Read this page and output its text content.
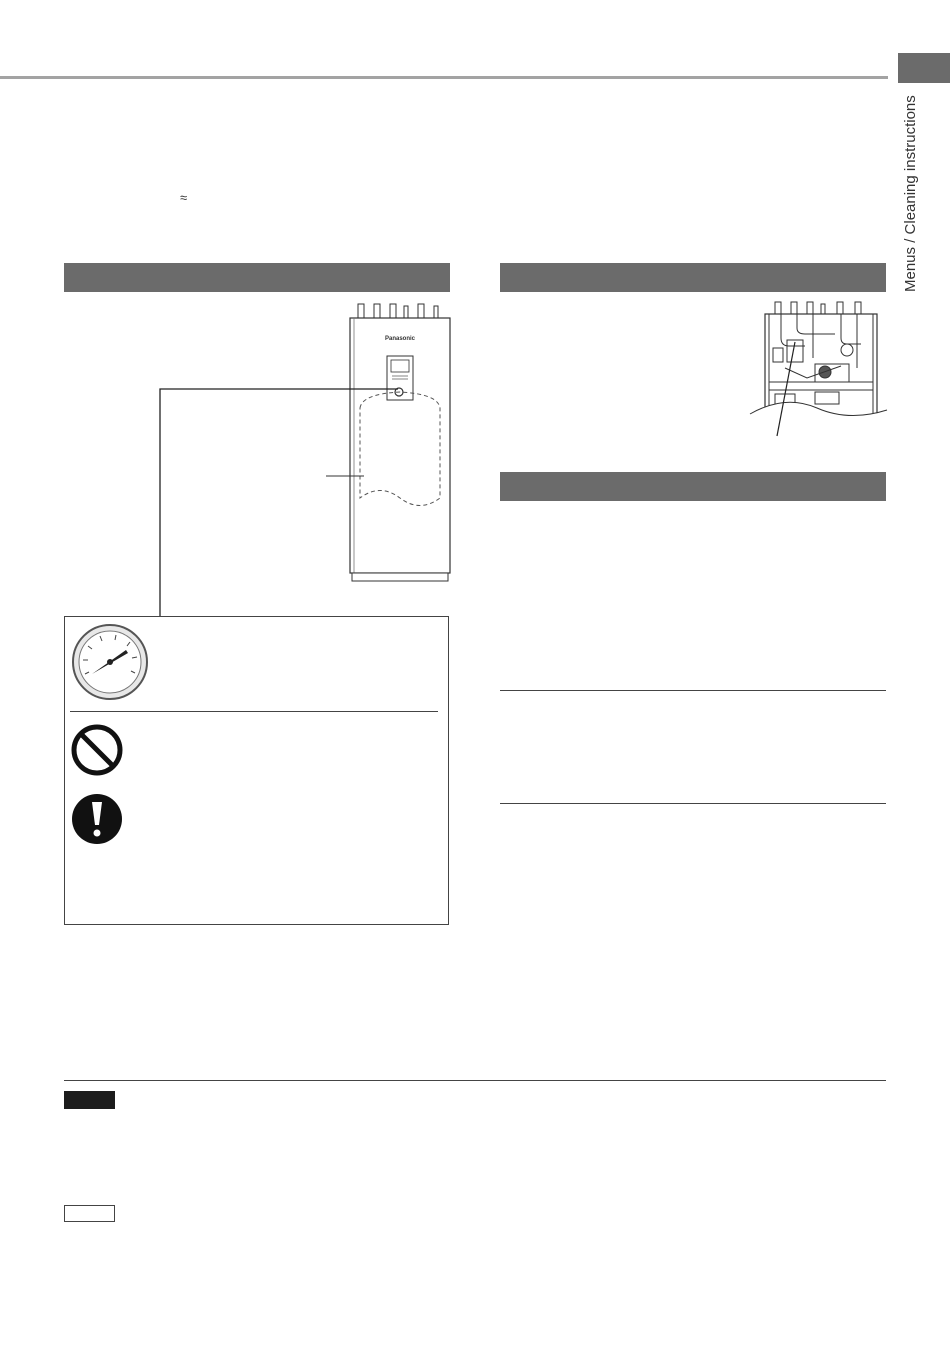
Menus / Cleaning instructions
≈
Panasonic
